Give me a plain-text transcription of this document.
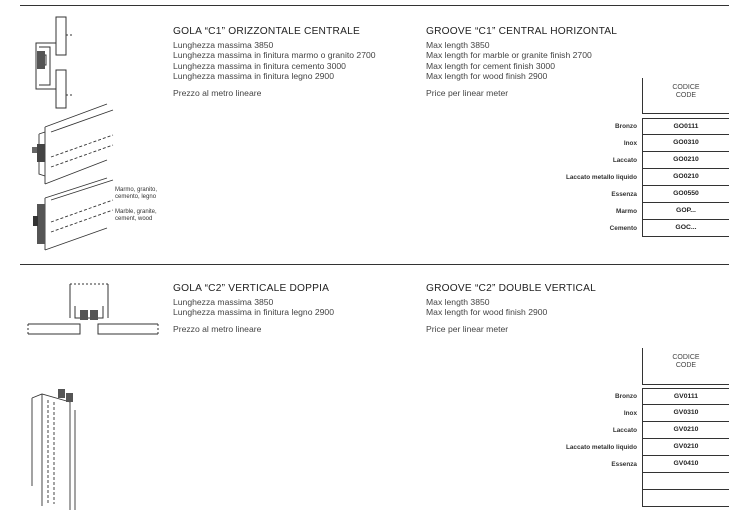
GOLA “C1” ORIZZONTALE CENTRALE
Lunghezza massima 3850
Lunghezza massima in finitura marmo o granito 2700
Lunghezza massima in finitura cemento 3000
Lunghezza massima in finitura legno 2900
Prezzo al metro lineare
GROOVE “C1” CENTRAL HORIZONTAL
Max length 3850
Max length for marble or granite finish 2700
Max length for cement finish 3000
Max length for wood finish 2900
Price per linear meter
CODICE
CODE
Bronzo	GO0111
Inox	GO0310
Laccato	GO0210
Laccato metallo liquido	GO0210
Essenza	GO0550
Marmo	GOP...
Cemento	GOC...
Marmo, granito,
cemento, legno
Marble, granite,
cement, wood
GOLA “C2” VERTICALE DOPPIA
Lunghezza massima 3850
Lunghezza massima in finitura legno 2900
Prezzo al metro lineare
GROOVE “C2” DOUBLE VERTICAL
Max length 3850
Max length for wood finish 2900
Price per linear meter
CODICE
CODE
Bronzo	GV0111
Inox	GV0310
Laccato	GV0210
Laccato metallo liquido	GV0210
Essenza	GV0410
